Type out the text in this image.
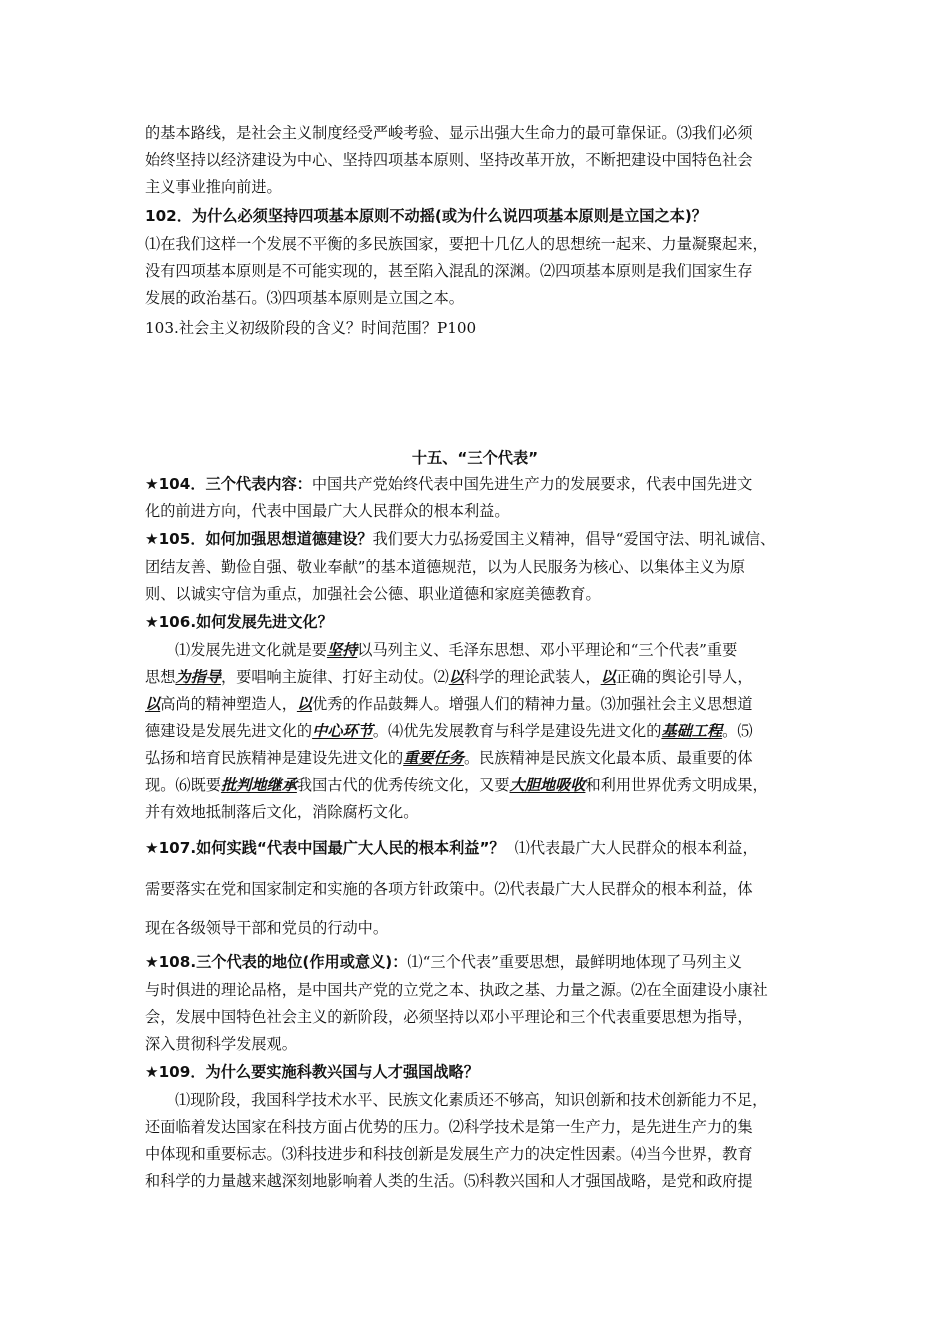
的基本路线，是社会主义制度经受严峻考验、显示出强大生命力的最可靠保证。⑶我们必须
始终坚持以经济建设为中心、坚持四项基本原则、坚持改革开放，不断把建设中国特色社会
主义事业推向前进。
102．为什么必须坚持四项基本原则不动摇(或为什么说四项基本原则是立国之本)？
⑴在我们这样一个发展不平衡的多民族国家，要把十几亿人的思想统一起来、力量凝聚起来，
没有四项基本原则是不可能实现的，甚至陷入混乱的深渊。⑵四项基本原则是我们国家生存
发展的政治基石。⑶四项基本原则是立国之本。
103.社会主义初级阶段的含义？时间范围？P100
十五、“三个代表”
★104．三个代表内容：中国共产党始终代表中国先进生产力的发展要求，代表中国先进文
化的前进方向，代表中国最广大人民群众的根本利益。
★105．如何加强思想道德建设？我们要大力弘扬爱国主义精神，倡导“爱国守法、明礼诚信、
团结友善、勤俭自强、敬业奉献”的基本道德规范，以为人民服务为核心、以集体主义为原
则、以诚实守信为重点，加强社会公德、职业道德和家庭美德教育。
★106.如何发展先进文化？
⑴发展先进文化就是要坚持以马列主义、毛泽东思想、邓小平理论和“三个代表”重要
思想为指导，要唱响主旋律、打好主动仗。⑵以科学的理论武装人，以正确的舆论引导人，
以高尚的精神塑造人，以优秀的作品鼓舞人。增强人们的精神力量。⑶加强社会主义思想道
德建设是发展先进文化的中心环节。⑷优先发展教育与科学是建设先进文化的基础工程。⑸
弘扬和培育民族精神是建设先进文化的重要任务。民族精神是民族文化最本质、最重要的体
现。⑹既要批判地继承我国古代的优秀传统文化，又要大胆地吸收和利用世界优秀文明成果，
并有效地抵制落后文化，消除腐朽文化。
★107.如何实践“代表中国最广大人民的根本利益”？ ⑴代表最广大人民群众的根本利益，
需要落实在党和国家制定和实施的各项方针政策中。⑵代表最广大人民群众的根本利益，体
现在各级领导干部和党员的行动中。
★108.三个代表的地位(作用或意义)：⑴“三个代表”重要思想，最鲜明地体现了马列主义
与时俱进的理论品格，是中国共产党的立党之本、执政之基、力量之源。⑵在全面建设小康社
会，发展中国特色社会主义的新阶段，必须坚持以邓小平理论和三个代表重要思想为指导，
深入贯彻科学发展观。
★109．为什么要实施科教兴国与人才强国战略？
⑴现阶段，我国科学技术水平、民族文化素质还不够高，知识创新和技术创新能力不足，
还面临着发达国家在科技方面占优势的压力。⑵科学技术是第一生产力，是先进生产力的集
中体现和重要标志。⑶科技进步和科技创新是发展生产力的决定性因素。⑷当今世界，教育
和科学的力量越来越深刻地影响着人类的生活。⑸科教兴国和人才强国战略，是党和政府提
